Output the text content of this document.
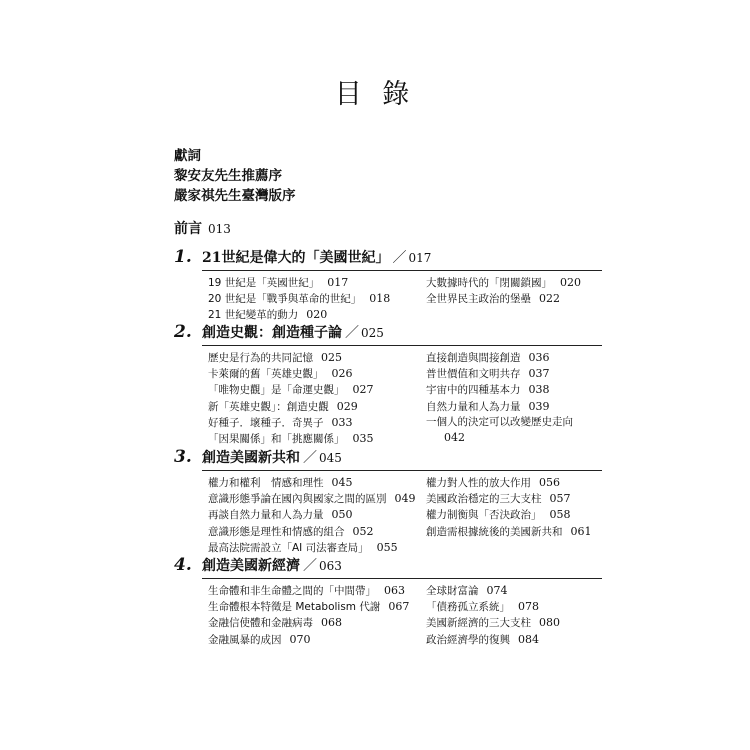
目 錄
獻詞
黎安友先生推薦序
嚴家祺先生臺灣版序
前言 013
1. 21世紀是偉大的「美國世紀」 ／ 017
19 世紀是「英國世紀」 017
20 世紀是「戰爭與革命的世紀」 018
21 世紀變革的動力 020
大數據時代的「閉關鎖國」 020
全世界民主政治的堡壘 022
2. 創造史觀：創造種子論 ／ 025
歷史是行為的共同記憶 025
卡萊爾的舊「英雄史觀」 026
「唯物史觀」是「命運史觀」 027
新「英雄史觀」：創造史觀 029
好種子．壞種子．奇異子 033
「因果關係」和「挑應關係」 035
直接創造與間接創造 036
普世價值和文明共存 037
宇宙中的四種基本力 038
自然力量和人為力量 039
一個人的決定可以改變歷史走向
042
3. 創造美國新共和 ／ 045
權力和權利　情感和理性 045
意識形態爭論在國內與國家之間的區別 049
再談自然力量和人為力量 050
意識形態是理性和情感的組合 052
最高法院需設立「AI 司法審查局」 055
權力對人性的放大作用 056
美國政治穩定的三大支柱 057
權力制衡與「否決政治」 058
創造需根據統後的美國新共和 061
4. 創造美國新經濟 ／ 063
生命體和非生命體之間的「中間帶」 063
生命體根本特徵是 Metabolism 代謝 067
金融信使體和金融病毒 068
金融風暴的成因 070
全球財富論 074
「債務孤立系統」 078
美國新經濟的三大支柱 080
政治經濟學的復興 084
